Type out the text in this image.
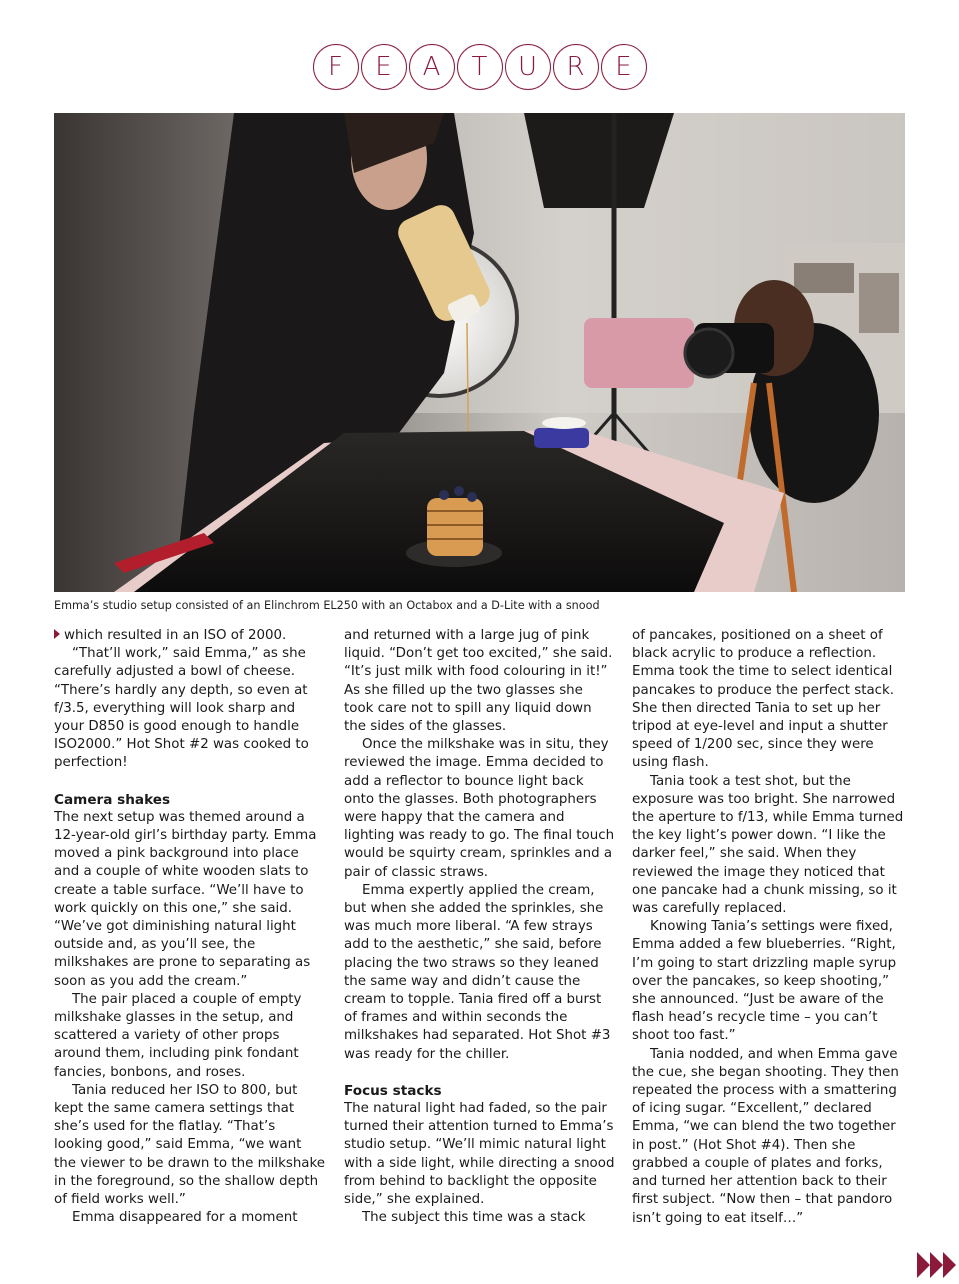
F	E	A	T	U	R	E
Emma’s studio setup consisted of an Elinchrom EL250 with an Octabox and a D-Lite with a snood

which resulted in an ISO of 2000.

“That’ll work,” said Emma,” as she carefully adjusted a bowl of cheese. “There’s hardly any depth, so even at f/3.5, everything will look sharp and your D850 is good enough to handle ISO2000.” Hot Shot #2 was cooked to perfection!

Camera shakes

The next setup was themed around a 12-year-old girl’s birthday party. Emma moved a pink background into place and a couple of white wooden slats to create a table surface. “We’ll have to work quickly on this one,” she said. “We’ve got diminishing natural light outside and, as you’ll see, the milkshakes are prone to separating as soon as you add the cream.”

The pair placed a couple of empty milkshake glasses in the setup, and scattered a variety of other props around them, including pink fondant fancies, bonbons, and roses.

Tania reduced her ISO to 800, but kept the same camera settings that she’s used for the flatlay. “That’s looking good,” said Emma, “we want the viewer to be drawn to the milkshake in the foreground, so the shallow depth of field works well.”

Emma disappeared for a moment

and returned with a large jug of pink liquid. “Don’t get too excited,” she said. “It’s just milk with food colouring in it!” As she filled up the two glasses she took care not to spill any liquid down the sides of the glasses.

Once the milkshake was in situ, they reviewed the image. Emma decided to add a reflector to bounce light back onto the glasses. Both photographers were happy that the camera and lighting was ready to go. The final touch would be squirty cream, sprinkles and a pair of classic straws.

Emma expertly applied the cream, but when she added the sprinkles, she was much more liberal. “A few strays add to the aesthetic,” she said, before placing the two straws so they leaned the same way and didn’t cause the cream to topple. Tania fired off a burst of frames and within seconds the milkshakes had separated. Hot Shot #3 was ready for the chiller.

Focus stacks

The natural light had faded, so the pair turned their attention turned to Emma’s studio setup. “We’ll mimic natural light with a side light, while directing a snood from behind to backlight the opposite side,” she explained.

The subject this time was a stack

of pancakes, positioned on a sheet of black acrylic to produce a reflection. Emma took the time to select identical pancakes to produce the perfect stack. She then directed Tania to set up her tripod at eye-level and input a shutter speed of 1/200 sec, since they were using flash.

Tania took a test shot, but the exposure was too bright. She narrowed the aperture to f/13, while Emma turned the key light’s power down. “I like the darker feel,” she said. When they reviewed the image they noticed that one pancake had a chunk missing, so it was carefully replaced.

Knowing Tania’s settings were fixed, Emma added a few blueberries. “Right, I’m going to start drizzling maple syrup over the pancakes, so keep shooting,” she announced. “Just be aware of the flash head’s recycle time – you can’t shoot too fast.”

Tania nodded, and when Emma gave the cue, she began shooting. They then repeated the process with a smattering of icing sugar. “Excellent,” declared Emma, “we can blend the two together in post.” (Hot Shot #4). Then she grabbed a couple of plates and forks, and turned her attention back to their first subject. “Now then – that pandoro isn’t going to eat itself…”
